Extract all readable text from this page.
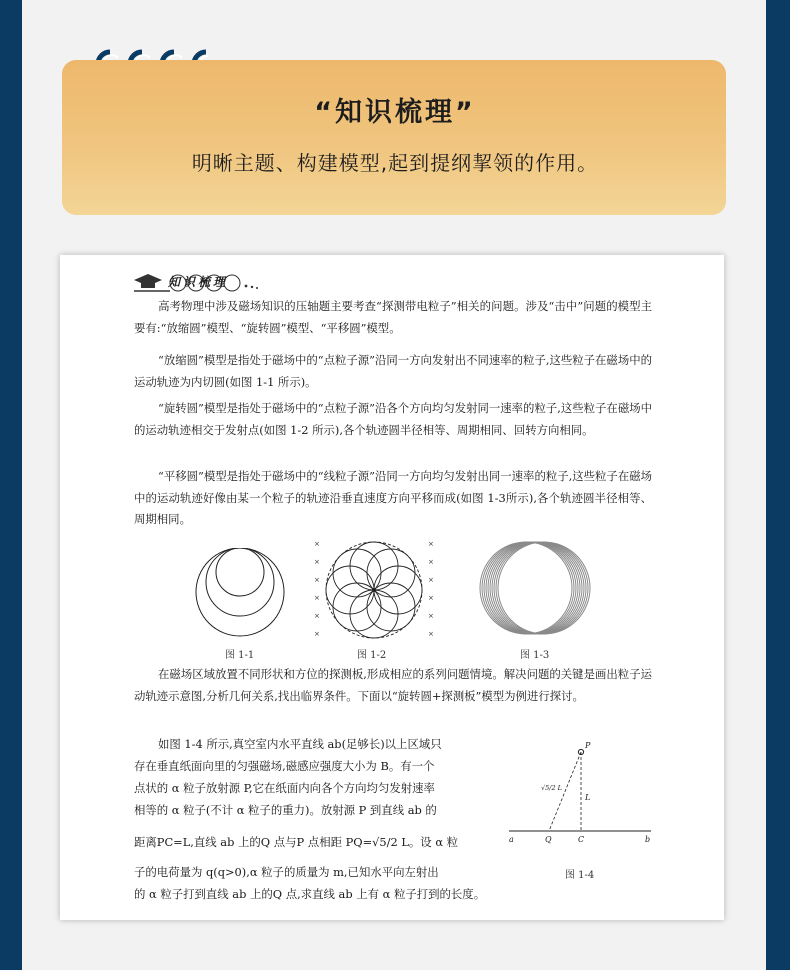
“知识梳理”
明晰主题、构建模型,起到提纲挈领的作用。
知识梳理

高考物理中涉及磁场知识的压轴题主要考查“探测带电粒子”相关的问题。涉及“击中”问题的模型主要有:“放缩圆”模型、“旋转圆”模型、“平移圆”模型。

“放缩圆”模型是指处于磁场中的“点粒子源”沿同一方向发射出不同速率的粒子,这些粒子在磁场中的运动轨迹为内切圆(如图 1-1 所示)。

“旋转圆”模型是指处于磁场中的“点粒子源”沿各个方向均匀发射同一速率的粒子,这些粒子在磁场中的运动轨迹相交于发射点(如图 1-2 所示),各个轨迹圆半径相等、周期相同、回转方向相同。

“平移圆”模型是指处于磁场中的“线粒子源”沿同一方向均匀发射出同一速率的粒子,这些粒子在磁场中的运动轨迹好像由某一个粒子的轨迹沿垂直速度方向平移而成(如图 1-3所示),各个轨迹圆半径相等、周期相同。

图 1-1
×
×
×
×
×
×
×
×
×
×
×
×
图 1-2	图 1-3

在磁场区域放置不同形状和方位的探测板,形成相应的系列问题情境。解决问题的关键是画出粒子运动轨迹示意图,分析几何关系,找出临界条件。下面以“旋转圆+探测板”模型为例进行探讨。

如图 1-4 所示,真空室内水平直线 ab(足够长)以上区域只
存在垂直纸面向里的匀强磁场,磁感应强度大小为 B。有一个
点状的 α 粒子放射源 P,它在纸面内向各个方向均匀发射速率
相等的 α 粒子(不计 α 粒子的重力)。放射源 P 到直线 ab 的
距离PC=L,直线 ab 上的Q 点与P 点相距 PQ=√5/2 L。设 α 粒
子的电荷量为 q(q>0),α 粒子的质量为 m,已知水平向左射出
的 α 粒子打到直线 ab 上的Q 点,求直线 ab 上有 α 粒子打到的长度。
P
a	b
Q	C
√5/2 L
L
图 1-4
